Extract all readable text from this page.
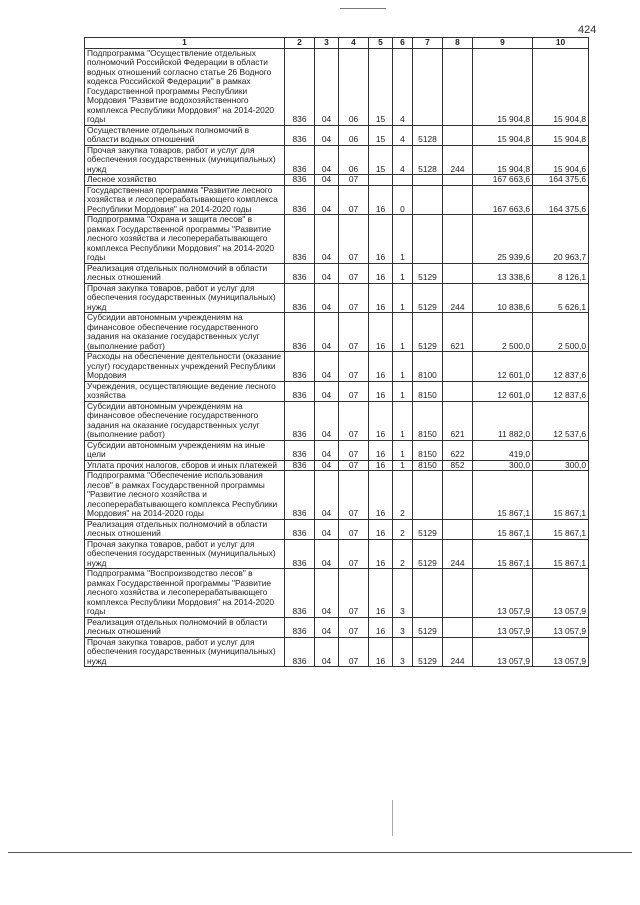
424
1	2	3	4	5	6	7	8	9	10
Подпрограмма "Осуществление отдельных полномочий Российской Федерации в области водных отношений согласно статье 26 Водного кодекса Российской Федерации" в рамках Государственной программы Республики Мордовия "Развитие водохозяйственного комплекса Республики Мордовия" на 2014-2020 годы	836	04	06	15	4			15 904,8	15 904,8
Осуществление отдельных полномочий в области водных отношений	836	04	06	15	4	5128		15 904,8	15 904,8
Прочая закупка товаров, работ и услуг для обеспечения государственных (муниципальных) нужд	836	04	06	15	4	5128	244	15 904,8	15 904,6
Лесное хозяйство	836	04	07					167 663,6	164 375,6
Государственная программа "Развитие лесного хозяйства и лесоперерабатывающего комплекса Республики Мордовия" на 2014-2020 годы	836	04	07	16	0			167 663,6	164 375,6
Подпрограмма "Охрана и защита лесов" в рамках Государственной программы "Развитие лесного хозяйства и лесоперерабатывающего комплекса Республики Мордовия" на 2014-2020 годы	836	04	07	16	1			25 939,6	20 963,7
Реализация отдельных полномочий в области лесных отношений	836	04	07	16	1	5129		13 338,6	8 126,1
Прочая закупка товаров, работ и услуг для обеспечения государственных (муниципальных) нужд	836	04	07	16	1	5129	244	10 838,6	5 626,1
Субсидии автономным учреждениям на финансовое обеспечение государственного задания на оказание государственных услуг (выполнение работ)	836	04	07	16	1	5129	621	2 500,0	2 500,0
Расходы на обеспечение деятельности (оказание услуг) государственных учреждений Республики Мордовия	836	04	07	16	1	8100		12 601,0	12 837,6
Учреждения, осуществляющие ведение лесного хозяйства	836	04	07	16	1	8150		12 601,0	12 837,6
Субсидии автономным учреждениям на финансовое обеспечение государственного задания на оказание государственных услуг (выполнение работ)	836	04	07	16	1	8150	621	11 882,0	12 537,6
Субсидии автономным учреждениям на иные цели	836	04	07	16	1	8150	622	419,0	
Уплата прочих налогов, сборов и иных платежей	836	04	07	16	1	8150	852	300,0	300,0
Подпрограмма "Обеспечение использования лесов" в рамках Государственной программы "Развитие лесного хозяйства и лесоперерабатывающего комплекса Республики Мордовия" на 2014-2020 годы	836	04	07	16	2			15 867,1	15 867,1
Реализация отдельных полномочий в области лесных отношений	836	04	07	16	2	5129		15 867,1	15 867,1
Прочая закупка товаров, работ и услуг для обеспечения государственных (муниципальных) нужд	836	04	07	16	2	5129	244	15 867,1	15 867,1
Подпрограмма "Воспроизводство лесов" в рамках Государственной программы "Развитие лесного хозяйства и лесоперерабатывающего комплекса Республики Мордовия" на 2014-2020 годы	836	04	07	16	3			13 057,9	13 057,9
Реализация отдельных полномочий в области лесных отношений	836	04	07	16	3	5129		13 057,9	13 057,9
Прочая закупка товаров, работ и услуг для обеспечения государственных (муниципальных) нужд	836	04	07	16	3	5129	244	13 057,9	13 057,9
